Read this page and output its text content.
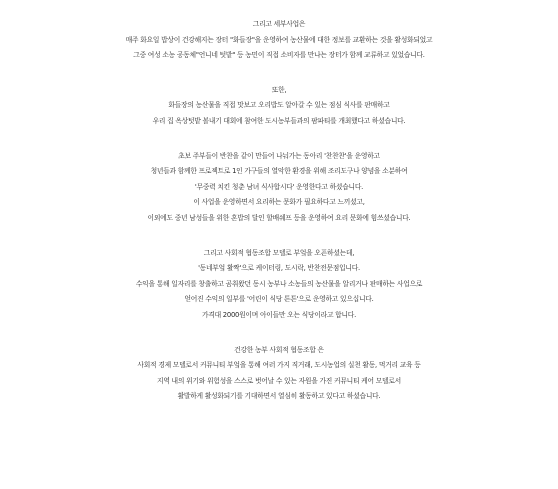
그리고 세부사업은
매주 화요일 밥상이 건강해지는 장터 "화들장"을 운영하여 농산물에 대한 정보를 교환하는 것을 활성화되었고
그중 여성 소농 공동체"언니네 텃밭" 등 농민이 직접 소비자를 만나는 장터가 함께 교류하고 있었습니다.
또한,
화들장의 농산물을 직접 맛보고 오리밥도 알아갈 수 있는 점심 식사를 판매하고
우리 집 옥상텃밭 볼내기 대회에 참여한 도시농부들과의 팜파티를 개최했다고 하셨습니다.
초보 주부들이 반찬을 같이 만들어 나눠가는 동아리 '찬찬찬'을 운영하고
청년들과 함께한 프로젝트로 1인 가구들의 열악한 환경을 위해 조리도구나 양념을 소분하여
'무중력 치킨 청춘 남녀 식사합시다' 운영한다고 하셨습니다.
이 사업을 운영하면서 요리하는 문화가 필요하다고 느끼셨고,
이외에도 중년 남성들을 위한 혼밥의 달인 할배쉐프 등을 운영하여 요리 문화에 힘쓰셨습니다.
그리고 사회적 협동조합 모델로 부엌을 오픈하셨는데,
'동네부엌 활짝'으로 케이터링, 도시락, 반찬전문점입니다.
수익을 통해 일자리를 창출하고 곰취왔던 동시 농부나 소농들의 농산물을 알리거나 판매하는 사업으로
얻어진 수익의 일부를 '어린이 식당 튼튼'으로 운영하고 있으십니다.
가격대 2000원이며 아이들만 오는 식당이라고 합니다.
건강한 농부 사회적 협동조합 은
사회적 경제 모델로서 커뮤니티 부엌을 통해 여러 가지 직거래, 도시농업의 실천 활동, 먹거리 교육 등
지역 내의 위기와 위험성을 스스로 벗어날 수 있는 자원을 가진 커뮤니티 케어 모델로서
활발하게 활성화되기를 기대하면서 열심히 활동하고 있다고 하셨습니다.
